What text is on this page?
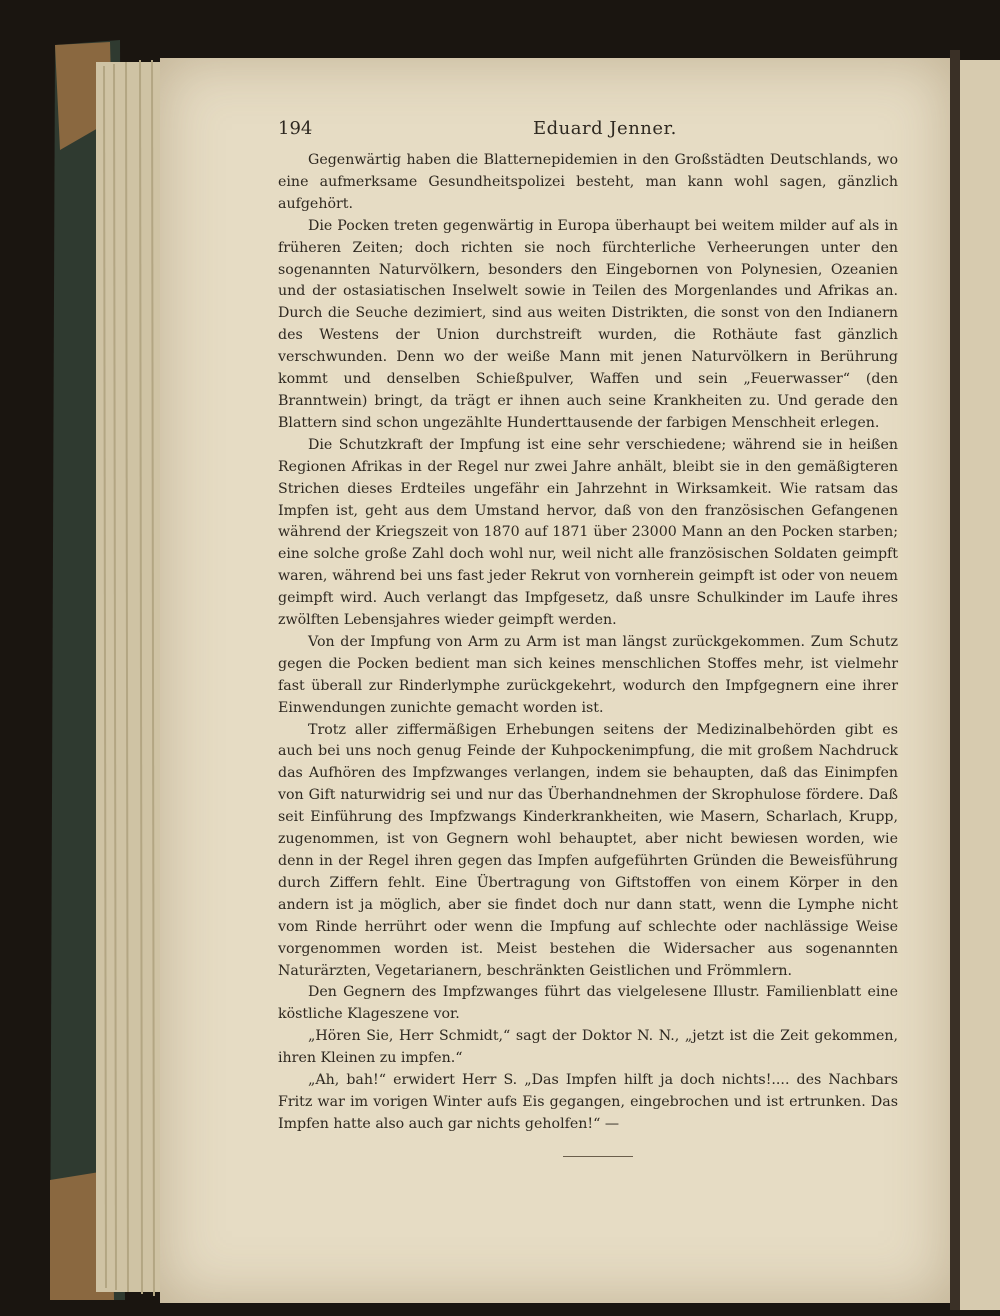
194	Eduard Jenner.

Gegenwärtig haben die Blatternepidemien in den Großstädten Deutschlands, wo eine aufmerksame Gesundheitspolizei besteht, man kann wohl sagen, gänzlich aufgehört.

Die Pocken treten gegenwärtig in Europa überhaupt bei weitem milder auf als in früheren Zeiten; doch richten sie noch fürchterliche Verheerungen unter den sogenannten Naturvölkern, besonders den Eingebornen von Polynesien, Ozeanien und der ostasiatischen Inselwelt sowie in Teilen des Morgenlandes und Afrikas an. Durch die Seuche dezimiert, sind aus weiten Distrikten, die sonst von den Indianern des Westens der Union durchstreift wurden, die Rothäute fast gänzlich verschwunden. Denn wo der weiße Mann mit jenen Naturvölkern in Berührung kommt und denselben Schießpulver, Waffen und sein „Feuerwasser“ (den Branntwein) bringt, da trägt er ihnen auch seine Krankheiten zu. Und gerade den Blattern sind schon ungezählte Hunderttausende der farbigen Menschheit erlegen.

Die Schutzkraft der Impfung ist eine sehr verschiedene; während sie in heißen Regionen Afrikas in der Regel nur zwei Jahre anhält, bleibt sie in den gemäßigteren Strichen dieses Erdteiles ungefähr ein Jahrzehnt in Wirksamkeit. Wie ratsam das Impfen ist, geht aus dem Umstand hervor, daß von den französischen Gefangenen während der Kriegszeit von 1870 auf 1871 über 23000 Mann an den Pocken starben; eine solche große Zahl doch wohl nur, weil nicht alle französischen Soldaten geimpft waren, während bei uns fast jeder Rekrut von vornherein geimpft ist oder von neuem geimpft wird. Auch verlangt das Impfgesetz, daß unsre Schulkinder im Laufe ihres zwölften Lebensjahres wieder geimpft werden.

Von der Impfung von Arm zu Arm ist man längst zurückgekommen. Zum Schutz gegen die Pocken bedient man sich keines menschlichen Stoffes mehr, ist vielmehr fast überall zur Rinderlymphe zurückgekehrt, wodurch den Impfgegnern eine ihrer Einwendungen zunichte gemacht worden ist.

Trotz aller ziffermäßigen Erhebungen seitens der Medizinalbehörden gibt es auch bei uns noch genug Feinde der Kuhpockenimpfung, die mit großem Nachdruck das Aufhören des Impfzwanges verlangen, indem sie behaupten, daß das Einimpfen von Gift naturwidrig sei und nur das Überhandnehmen der Skrophulose fördere. Daß seit Einführung des Impfzwangs Kinderkrankheiten, wie Masern, Scharlach, Krupp, zugenommen, ist von Gegnern wohl behauptet, aber nicht bewiesen worden, wie denn in der Regel ihren gegen das Impfen aufgeführten Gründen die Beweisführung durch Ziffern fehlt. Eine Übertragung von Giftstoffen von einem Körper in den andern ist ja möglich, aber sie findet doch nur dann statt, wenn die Lymphe nicht vom Rinde herrührt oder wenn die Impfung auf schlechte oder nachlässige Weise vorgenommen worden ist. Meist bestehen die Widersacher aus sogenannten Naturärzten, Vegetarianern, beschränkten Geistlichen und Frömmlern.

Den Gegnern des Impfzwanges führt das vielgelesene Illustr. Familienblatt eine köstliche Klageszene vor.

„Hören Sie, Herr Schmidt,“ sagt der Doktor N. N., „jetzt ist die Zeit gekommen, ihren Kleinen zu impfen.“

„Ah, bah!“ erwidert Herr S. „Das Impfen hilft ja doch nichts!.... des Nachbars Fritz war im vorigen Winter aufs Eis gegangen, eingebrochen und ist ertrunken. Das Impfen hatte also auch gar nichts geholfen!“ —
